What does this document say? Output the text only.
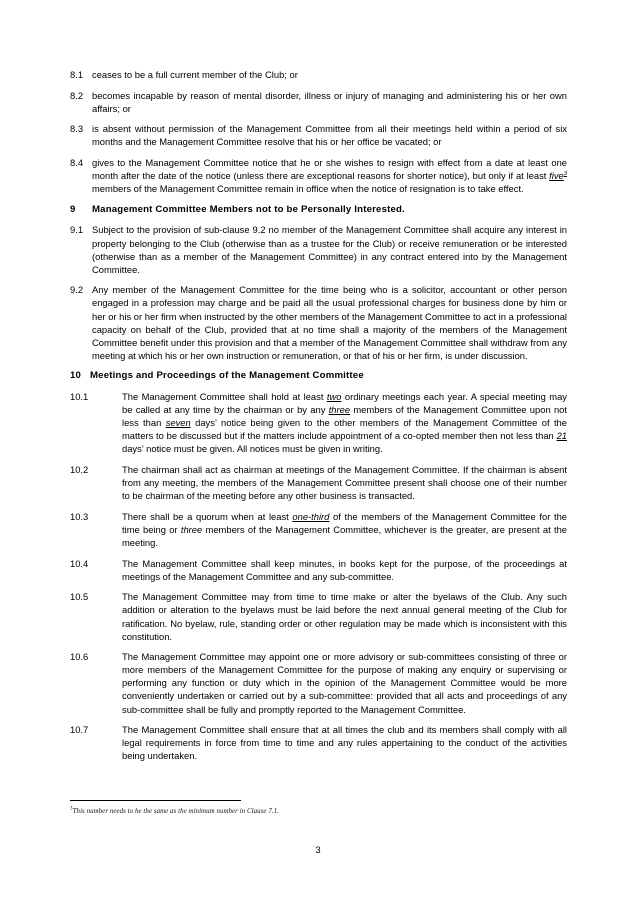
8.1 ceases to be a full current member of the Club; or
8.2 becomes incapable by reason of mental disorder, illness or injury of managing and administering his or her own affairs; or
8.3 is absent without permission of the Management Committee from all their meetings held within a period of six months and the Management Committee resolve that his or her office be vacated; or
8.4 gives to the Management Committee notice that he or she wishes to resign with effect from a date at least one month after the date of the notice (unless there are exceptional reasons for shorter notice), but only if at least five$^3$ members of the Management Committee remain in office when the notice of resignation is to take effect.
9	Management Committee Members not to be Personally Interested.
9.1 Subject to the provision of sub-clause 9.2 no member of the Management Committee shall acquire any interest in property belonging to the Club (otherwise than as a trustee for the Club) or receive remuneration or be interested (otherwise than as a member of the Management Committee) in any contract entered into by the Management Committee.
9.2 Any member of the Management Committee for the time being who is a solicitor, accountant or other person engaged in a profession may charge and be paid all the usual professional charges for business done by him or her or his or her firm when instructed by the other members of the Management Committee to act in a professional capacity on behalf of the Club, provided that at no time shall a majority of the members of the Management Committee benefit under this provision and that a member of the Management Committee shall withdraw from any meeting at which his or her own instruction or remuneration, or that of his or her firm, is under discussion.
10 Meetings and Proceedings of the Management Committee
10.1	The Management Committee shall hold at least two ordinary meetings each year. A special meeting may be called at any time by the chairman or by any three members of the Management Committee upon not less than seven days’ notice being given to the other members of the Management Committee of the matters to be discussed but if the matters include appointment of a co-opted member then not less than 21 days’ notice must be given. All notices must be given in writing.
10.2	The chairman shall act as chairman at meetings of the Management Committee. If the chairman is absent from any meeting, the members of the Management Committee present shall choose one of their number to be chairman of the meeting before any other business is transacted.
10.3	There shall be a quorum when at least one-third of the members of the Management Committee for the time being or three members of the Management Committee, whichever is the greater, are present at the meeting.
10.4	The Management Committee shall keep minutes, in books kept for the purpose, of the proceedings at meetings of the Management Committee and any sub-committee.
10.5	The Management Committee may from time to time make or alter the byelaws of the Club. Any such addition or alteration to the byelaws must be laid before the next annual general meeting of the Club for ratification. No byelaw, rule, standing order or other regulation may be made which is inconsistent with this constitution.
10.6	The Management Committee may appoint one or more advisory or sub-committees consisting of three or more members of the Management Committee for the purpose of making any enquiry or supervising or performing any function or duty which in the opinion of the Management Committee would be more conveniently undertaken or carried out by a sub-committee: provided that all acts and proceedings of any sub-committee shall be fully and promptly reported to the Management Committee.
10.7	The Management Committee shall ensure that at all times the club and its members shall comply with all legal requirements in force from time to time and any rules appertaining to the conduct of the activities being undertaken.
$^3$This number needs to be the same as the minimum number in Clause 7.1.
3
